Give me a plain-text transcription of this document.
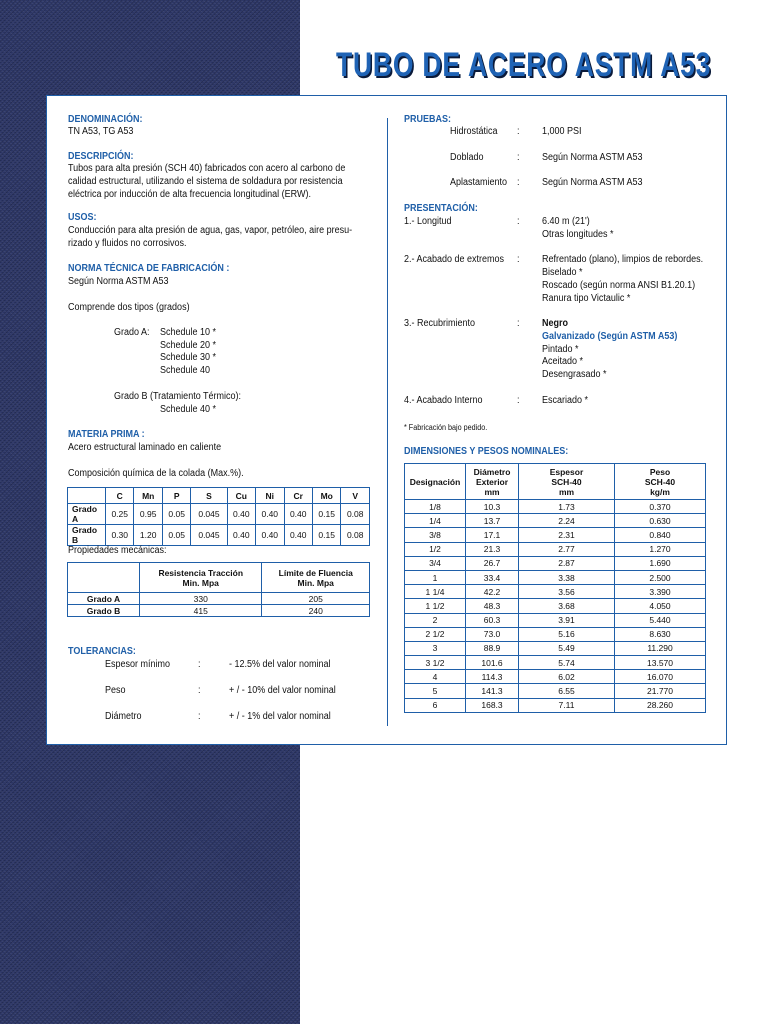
TUBO DE ACERO ASTM A53
DENOMINACIÓN:
TN A53, TG A53
DESCRIPCIÓN:
Tubos para alta presión (SCH 40) fabricados con acero al carbono de
calidad estructural, utilizando el sistema de soldadura por resistencia
eléctrica por inducción de alta frecuencia longitudinal (ERW).
USOS:
Conducción para alta presión de agua, gas, vapor, petróleo, aire presu-
rizado y fluidos no corrosivos.
NORMA TÉCNICA DE FABRICACIÓN :
Según Norma ASTM A53
Comprende dos tipos (grados)
Grado A: Schedule 10 *
Schedule 20 *
Schedule 30 *
Schedule 40
Grado B (Tratamiento Térmico):
Schedule 40 *
MATERIA PRIMA :
Acero estructural laminado en caliente
Composición química de la colada (Max.%).
	C	Mn	P	S	Cu	Ni	Cr	Mo	V
Grado A	0.25	0.95	0.05	0.045	0.40	0.40	0.40	0.15	0.08
Grado B	0.30	1.20	0.05	0.045	0.40	0.40	0.40	0.15	0.08
Propiedades mecánicas:
	Resistencia Tracción
Min. Mpa	Límite de Fluencia
Min. Mpa
Grado A	330	205
Grado B	415	240
TOLERANCIAS:
Espesor mínimo	:	- 12.5% del valor nominal
Peso	:	+ / - 10% del valor nominal
Diámetro	:	+ / - 1% del valor nominal
PRUEBAS:
Hidrostática : 1,000 PSI
Doblado	: Según Norma ASTM A53
Aplastamiento : Según Norma ASTM A53
PRESENTACIÓN:
1.- Longitud	: 6.40 m (21')
Otras longitudes *
2.- Acabado de extremos : Refrentado (plano), limpios de rebordes.
Biselado *
Roscado (según norma ANSI B1.20.1)
Ranura tipo Victaulic *
3.- Recubrimiento	: Negro
Galvanizado (Según ASTM A53)
Pintado *
Aceitado *
Desengrasado *
4.- Acabado Interno	: Escariado *
* Fabricación bajo pedido.
DIMENSIONES Y PESOS NOMINALES:
Designación	Diámetro
Exterior
mm	Espesor
SCH-40
mm	Peso
SCH-40
kg/m
1/8	10.3	1.73	0.370
1/4	13.7	2.24	0.630
3/8	17.1	2.31	0.840
1/2	21.3	2.77	1.270
3/4	26.7	2.87	1.690
1	33.4	3.38	2.500
1 1/4	42.2	3.56	3.390
1 1/2	48.3	3.68	4.050
2	60.3	3.91	5.440
2 1/2	73.0	5.16	8.630
3	88.9	5.49	11.290
3 1/2	101.6	5.74	13.570
4	114.3	6.02	16.070
5	141.3	6.55	21.770
6	168.3	7.11	28.260
